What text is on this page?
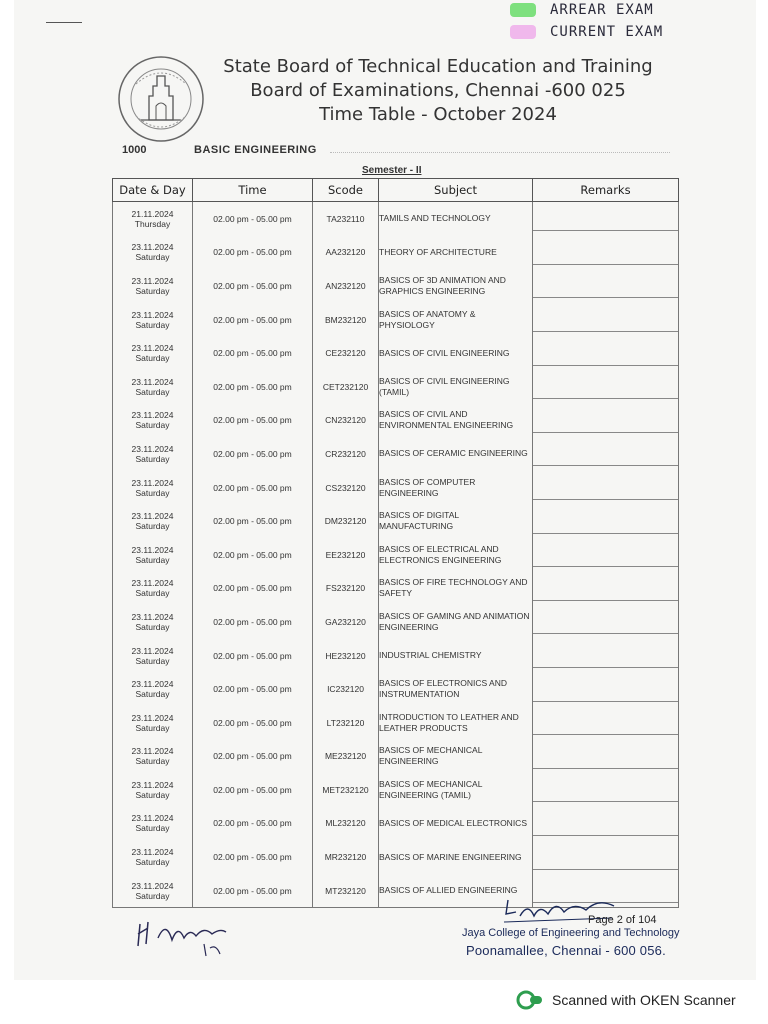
ARREAR EXAM
CURRENT EXAM
State Board of Technical Education and Training
Board of Examinations, Chennai -600 025
Time Table - October 2024
1000	BASIC ENGINEERING
Semester - II
Date & Day	Time	Scode	Subject	Remarks

21.11.2024
Thursday	02.00 pm - 05.00 pm	TA232110	TAMILS AND TECHNOLOGY	

23.11.2024
Saturday	02.00 pm - 05.00 pm	AA232120	THEORY OF ARCHITECTURE	

23.11.2024
Saturday	02.00 pm - 05.00 pm	AN232120	BASICS OF 3D ANIMATION AND GRAPHICS ENGINEERING	

23.11.2024
Saturday	02.00 pm - 05.00 pm	BM232120	BASICS OF ANATOMY & PHYSIOLOGY	

23.11.2024
Saturday	02.00 pm - 05.00 pm	CE232120	BASICS OF CIVIL ENGINEERING	

23.11.2024
Saturday	02.00 pm - 05.00 pm	CET232120	BASICS OF CIVIL ENGINEERING (TAMIL)	

23.11.2024
Saturday	02.00 pm - 05.00 pm	CN232120	BASICS OF CIVIL AND ENVIRONMENTAL ENGINEERING	

23.11.2024
Saturday	02.00 pm - 05.00 pm	CR232120	BASICS OF CERAMIC ENGINEERING	

23.11.2024
Saturday	02.00 pm - 05.00 pm	CS232120	BASICS OF COMPUTER ENGINEERING	

23.11.2024
Saturday	02.00 pm - 05.00 pm	DM232120	BASICS OF DIGITAL MANUFACTURING	

23.11.2024
Saturday	02.00 pm - 05.00 pm	EE232120	BASICS OF ELECTRICAL AND ELECTRONICS ENGINEERING	

23.11.2024
Saturday	02.00 pm - 05.00 pm	FS232120	BASICS OF FIRE TECHNOLOGY AND SAFETY	

23.11.2024
Saturday	02.00 pm - 05.00 pm	GA232120	BASICS OF GAMING AND ANIMATION ENGINEERING	

23.11.2024
Saturday	02.00 pm - 05.00 pm	HE232120	INDUSTRIAL CHEMISTRY	

23.11.2024
Saturday	02.00 pm - 05.00 pm	IC232120	BASICS OF ELECTRONICS AND INSTRUMENTATION	

23.11.2024
Saturday	02.00 pm - 05.00 pm	LT232120	INTRODUCTION TO LEATHER AND LEATHER PRODUCTS	

23.11.2024
Saturday	02.00 pm - 05.00 pm	ME232120	BASICS OF MECHANICAL ENGINEERING	

23.11.2024
Saturday	02.00 pm - 05.00 pm	MET232120	BASICS OF MECHANICAL ENGINEERING (TAMIL)	

23.11.2024
Saturday	02.00 pm - 05.00 pm	ML232120	BASICS OF MEDICAL ELECTRONICS	

23.11.2024
Saturday	02.00 pm - 05.00 pm	MR232120	BASICS OF MARINE ENGINEERING	

23.11.2024
Saturday	02.00 pm - 05.00 pm	MT232120	BASICS OF ALLIED ENGINEERING	
Page 2 of 104
Jaya College of Engineering and Technology
Poonamallee, Chennai - 600 056.
Scanned with OKEN Scanner
